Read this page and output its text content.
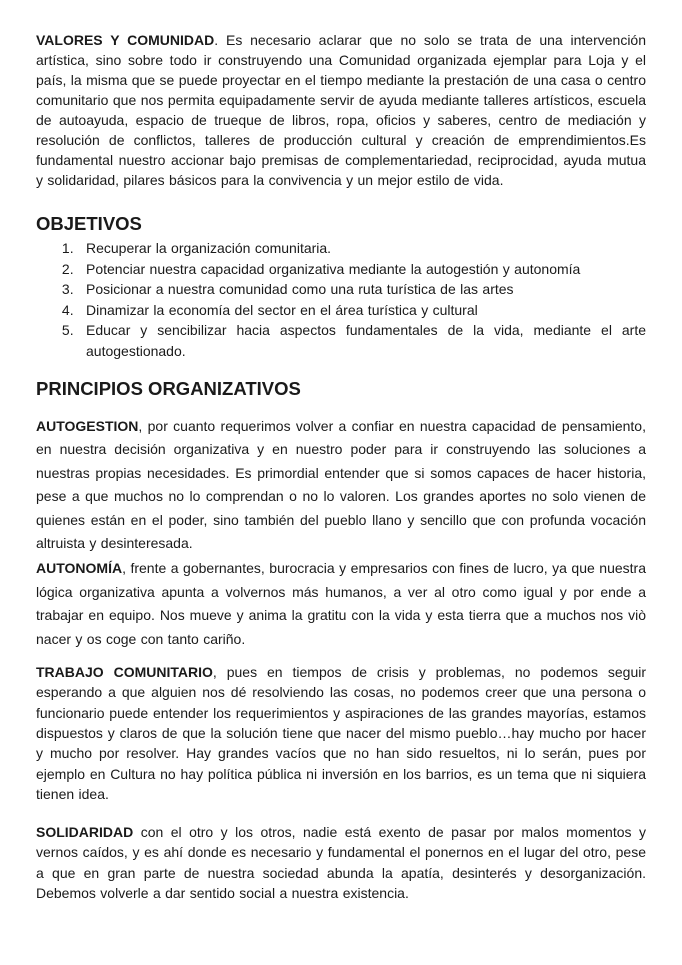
VALORES Y COMUNIDAD. Es necesario aclarar que no solo se trata de una intervención artística, sino sobre todo ir construyendo una Comunidad organizada ejemplar para Loja y el país, la misma que se puede proyectar en el tiempo mediante la prestación de una casa o centro comunitario que nos permita equipadamente servir de ayuda mediante talleres artísticos, escuela de autoayuda, espacio de trueque de libros, ropa, oficios y saberes, centro de mediación y resolución de conflictos, talleres de producción cultural y creación de emprendimientos.Es fundamental nuestro accionar bajo premisas de complementariedad, reciprocidad, ayuda mutua y solidaridad, pilares básicos para la convivencia y un mejor estilo de vida.

OBJETIVOS
1. Recuperar la organización comunitaria.
2. Potenciar nuestra capacidad organizativa mediante la autogestión y autonomía
3. Posicionar a nuestra comunidad como una ruta turística de las artes
4. Dinamizar la economía del sector en el área turística y cultural
5. Educar y sencibilizar hacia aspectos fundamentales de la vida, mediante el arte autogestionado.
PRINCIPIOS ORGANIZATIVOS

AUTOGESTION, por cuanto requerimos volver a confiar en nuestra capacidad de pensamiento, en nuestra decisión organizativa y en nuestro poder para ir construyendo las soluciones a nuestras propias necesidades. Es primordial entender que si somos capaces de hacer historia, pese a que muchos no lo comprendan o no lo valoren. Los grandes aportes no solo vienen de quienes están en el poder, sino también del pueblo llano y sencillo que con profunda vocación altruista y desinteresada.

AUTONOMÍA, frente a gobernantes, burocracia y empresarios con fines de lucro, ya que nuestra lógica organizativa apunta a volvernos más humanos, a ver al otro como igual y por ende a trabajar en equipo. Nos mueve y anima la gratitu con la vida y esta tierra que a muchos nos viò nacer y os coge con tanto cariño.

TRABAJO COMUNITARIO, pues en tiempos de crisis y problemas, no podemos seguir esperando a que alguien nos dé resolviendo las cosas, no podemos creer que una persona o funcionario puede entender los requerimientos y aspiraciones de las grandes mayorías, estamos dispuestos y claros de que la solución tiene que nacer del mismo pueblo…hay mucho por hacer y mucho por resolver. Hay grandes vacíos que no han sido resueltos, ni lo serán, pues por ejemplo en Cultura no hay política pública ni inversión en los barrios, es un tema que ni siquiera tienen idea.

SOLIDARIDAD con el otro y los otros, nadie está exento de pasar por malos momentos y vernos caídos, y es ahí donde es necesario y fundamental el ponernos en el lugar del otro, pese a que en gran parte de nuestra sociedad abunda la apatía, desinterés y desorganización. Debemos volverle a dar sentido social a nuestra existencia.
